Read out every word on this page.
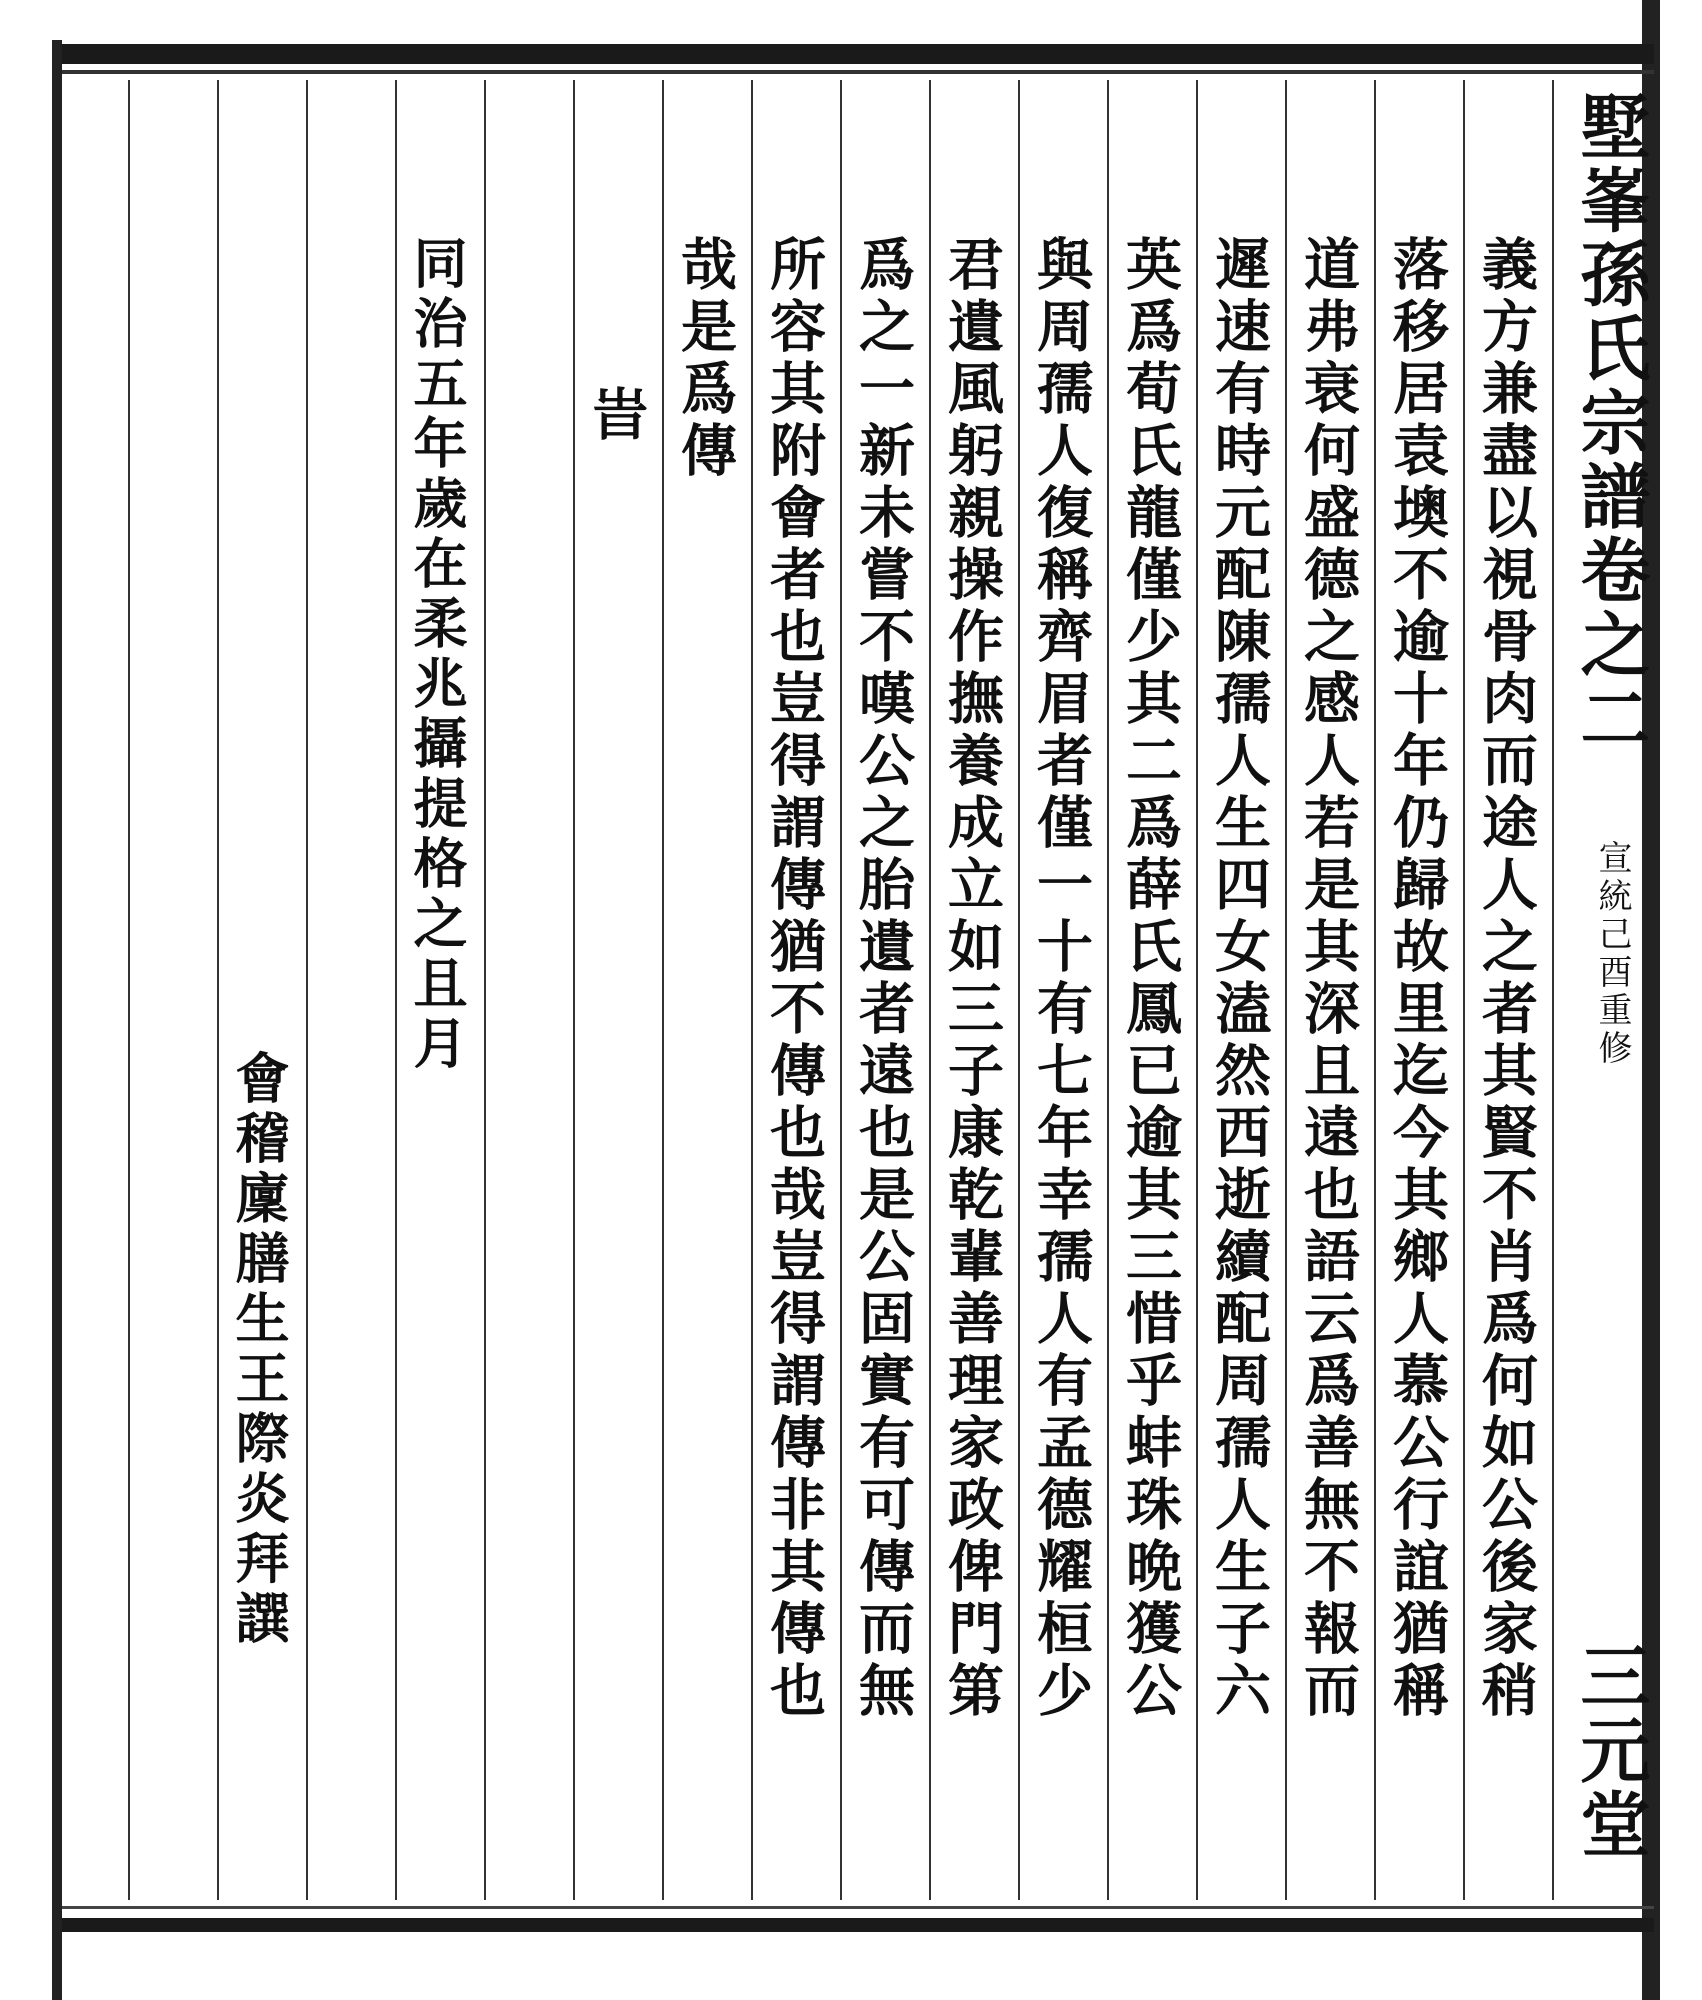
墅峯孫氏宗譜卷之二
宣統己酉重修
三元堂
義方兼盡以視骨肉而途人之者其賢不肖爲何如公後家稍
落移居袁墺不逾十年仍歸故里迄今其鄉人慕公行誼猶稱
道弗衰何盛德之感人若是其深且遠也語云爲善無不報而
遲速有時元配陳孺人生四女溘然西逝續配周孺人生子六
英爲荀氏龍僅少其二爲薛氏鳳已逾其三惜乎蚌珠晩獲公
與周孺人復稱齊眉者僅一十有七年幸孺人有孟德耀桓少
君遺風躬親操作撫養成立如三子康乾輩善理家政俾門第
爲之一新未嘗不嘆公之胎遺者遠也是公固實有可傳而無
所容其附會者也豈得謂傳猶不傳也哉豈得謂傳非其傳也
哉是爲傳
旹
同治五年歲在柔兆攝提格之且月
會稽廩膳生王際炎拜譔
